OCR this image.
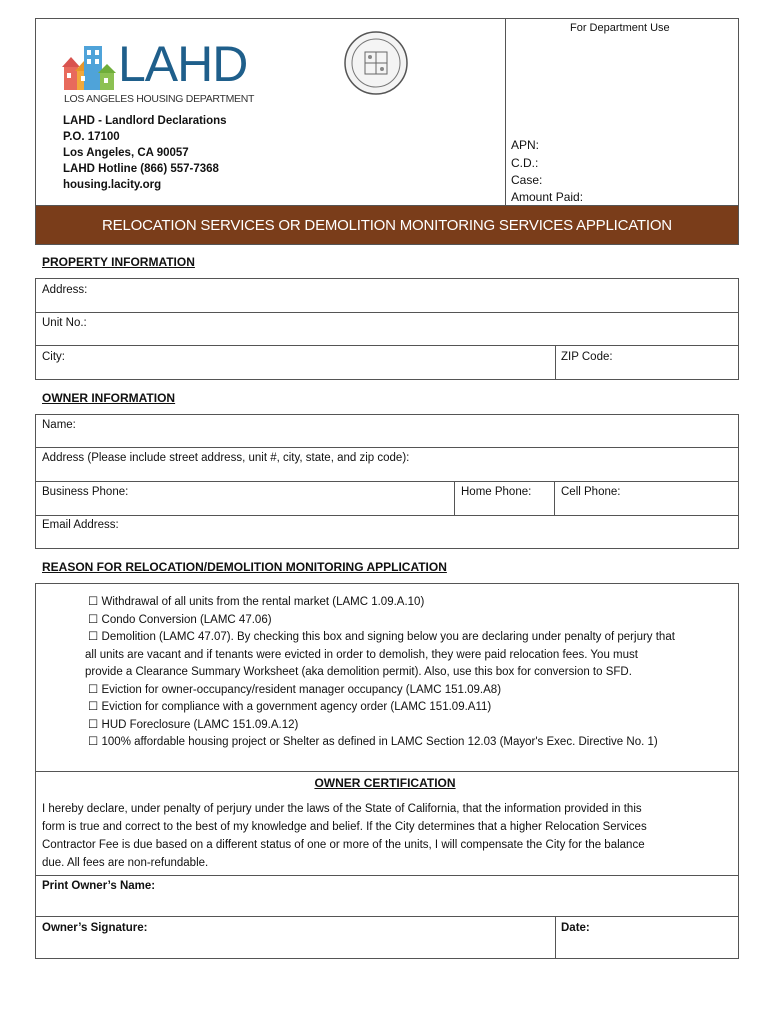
For Department Use
LAHD
LOS ANGELES HOUSING DEPARTMENT
LAHD - Landlord Declarations
P.O. 17100
Los Angeles, CA 90057
LAHD Hotline (866) 557-7368
housing.lacity.org
APN:
C.D.:
Case:
Amount Paid:
RELOCATION SERVICES OR DEMOLITION MONITORING SERVICES APPLICATION
PROPERTY INFORMATION
Address:
Unit No.:
City:	ZIP Code:
OWNER INFORMATION
Name:
Address (Please include street address, unit #, city, state, and zip code):
Business Phone:	Home Phone:	Cell Phone:
Email Address:
REASON FOR RELOCATION/DEMOLITION MONITORING APPLICATION
☐ Withdrawal of all units from the rental market (LAMC 1.09.A.10)
☐ Condo Conversion (LAMC 47.06)
☐ Demolition (LAMC 47.07). By checking this box and signing below you are declaring under penalty of perjury that
all units are vacant and if tenants were evicted in order to demolish, they were paid relocation fees. You must
provide a Clearance Summary Worksheet (aka demolition permit). Also, use this box for conversion to SFD.
☐ Eviction for owner-occupancy/resident manager occupancy (LAMC 151.09.A8)
☐ Eviction for compliance with a government agency order (LAMC 151.09.A11)
☐ HUD Foreclosure (LAMC 151.09.A.12)
☐ 100% affordable housing project or Shelter as defined in LAMC Section 12.03 (Mayor's Exec. Directive No. 1)
OWNER CERTIFICATION
I hereby declare, under penalty of perjury under the laws of the State of California, that the information provided in this
form is true and correct to the best of my knowledge and belief. If the City determines that a higher Relocation Services
Contractor Fee is due based on a different status of one or more of the units, I will compensate the City for the balance
due. All fees are non-refundable.
Print Owner’s Name:
Owner’s Signature:	Date:
